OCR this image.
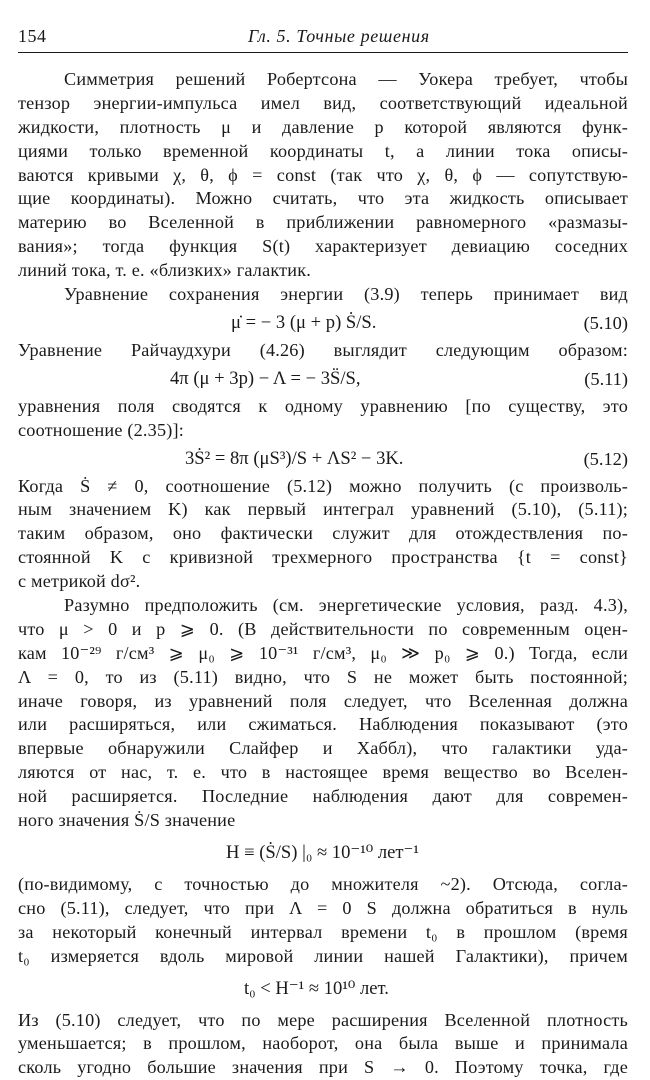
154	Гл. 5. Точные решения
Симметрия решений Робертсона — Уокера требует, чтобы
тензор энергии-импульса имел вид, соответствующий идеальной
жидкости, плотность μ и давление p которой являются функ-
циями только временной координаты t, а линии тока описы-
ваются кривыми χ, θ, ϕ = const (так что χ, θ, ϕ — сопутствую-
щие координаты). Можно считать, что эта жидкость описывает
материю во Вселенной в приближении равномерного «размазы-
вания»; тогда функция S(t) характеризует девиацию соседних
линий тока, т. е. «близких» галактик.
Уравнение сохранения энергии (3.9) теперь принимает вид
μ̇ = − 3 (μ + p) Ṡ/S.	(5.10)
Уравнение Райчаудхури (4.26) выглядит следующим образом:
4π (μ + 3p) − Λ = − 3S̈/S,	(5.11)
уравнения поля сводятся к одному уравнению [по существу, это
соотношение (2.35)]:
3Ṡ² = 8π (μS³)/S + ΛS² − 3K.	(5.12)
Когда Ṡ ≠ 0, соотношение (5.12) можно получить (с произволь-
ным значением K) как первый интеграл уравнений (5.10), (5.11);
таким образом, оно фактически служит для отождествления по-
стоянной K с кривизной трехмерного пространства {t = const}
с метрикой dσ².
Разумно предположить (см. энергетические условия, разд. 4.3),
что μ > 0 и p ⩾ 0. (В действительности по современным оцен-
кам 10⁻²⁹ г/см³ ⩾ μ₀ ⩾ 10⁻³¹ г/см³, μ₀ ≫ p₀ ⩾ 0.) Тогда, если
Λ = 0, то из (5.11) видно, что S не может быть постоянной;
иначе говоря, из уравнений поля следует, что Вселенная должна
или расширяться, или сжиматься. Наблюдения показывают (это
впервые обнаружили Слайфер и Хаббл), что галактики уда-
ляются от нас, т. е. что в настоящее время вещество во Вселен-
ной расширяется. Последние наблюдения дают для современ-
ного значения Ṡ/S значение
H ≡ (Ṡ/S) |₀ ≈ 10⁻¹⁰ лет⁻¹
(по-видимому, с точностью до множителя ~2). Отсюда, согла-
сно (5.11), следует, что при Λ = 0 S должна обратиться в нуль
за некоторый конечный интервал времени t₀ в прошлом (время
t₀ измеряется вдоль мировой линии нашей Галактики), причем
t₀ < H⁻¹ ≈ 10¹⁰ лет.
Из (5.10) следует, что по мере расширения Вселенной плотность
уменьшается; в прошлом, наоборот, она была выше и принимала
сколь угодно большие значения при S → 0. Поэтому точка, где
